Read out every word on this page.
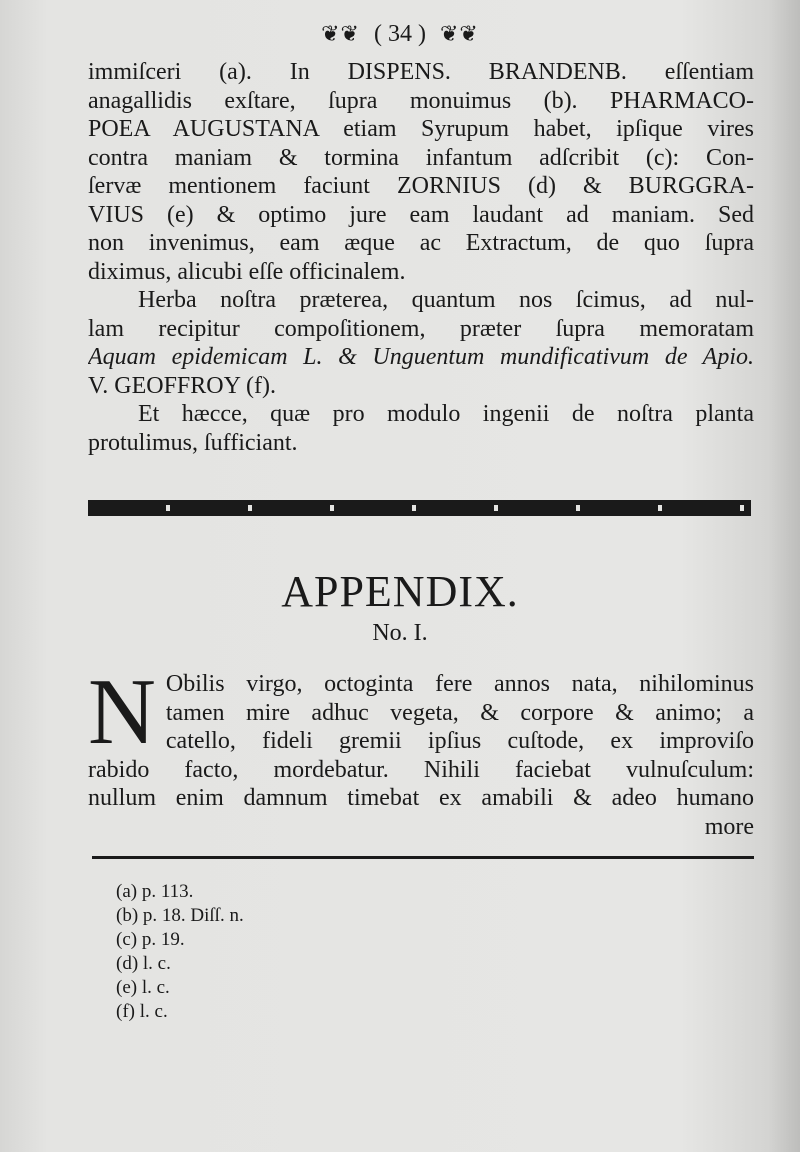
❦❦ ( 34 ) ❦❦
immiſceri (a). In DISPENS. BRANDENB. eſſentiam
anagallidis exſtare, ſupra monuimus (b). PHARMACO-
POEA AUGUSTANA etiam Syrupum habet, ipſique vires
contra maniam & tormina infantum adſcribit (c): Con-
ſervæ mentionem faciunt ZORNIUS (d) & BURGGRA-
VIUS (e) & optimo jure eam laudant ad maniam. Sed
non invenimus, eam æque ac Extractum, de quo ſupra
diximus, alicubi eſſe officinalem.
Herba noſtra præterea, quantum nos ſcimus, ad nul-
lam recipitur compoſitionem, præter ſupra memoratam
Aquam epidemicam L. & Unguentum mundificativum de Apio.
V. GEOFFROY (f).
Et hæcce, quæ pro modulo ingenii de noſtra planta
protulimus, ſufficiant.
APPENDIX.
No. I.
N Obilis virgo, octoginta fere annos nata, nihilominus
tamen mire adhuc vegeta, & corpore & animo; a
catello, fideli gremii ipſius cuſtode, ex improviſo
rabido facto, mordebatur. Nihili faciebat vulnuſculum:
nullum enim damnum timebat ex amabili & adeo humano
more
(a) p. 113.
(b) p. 18. Diſſ. n.
(c) p. 19.
(d) l. c.
(e) l. c.
(f) l. c.
